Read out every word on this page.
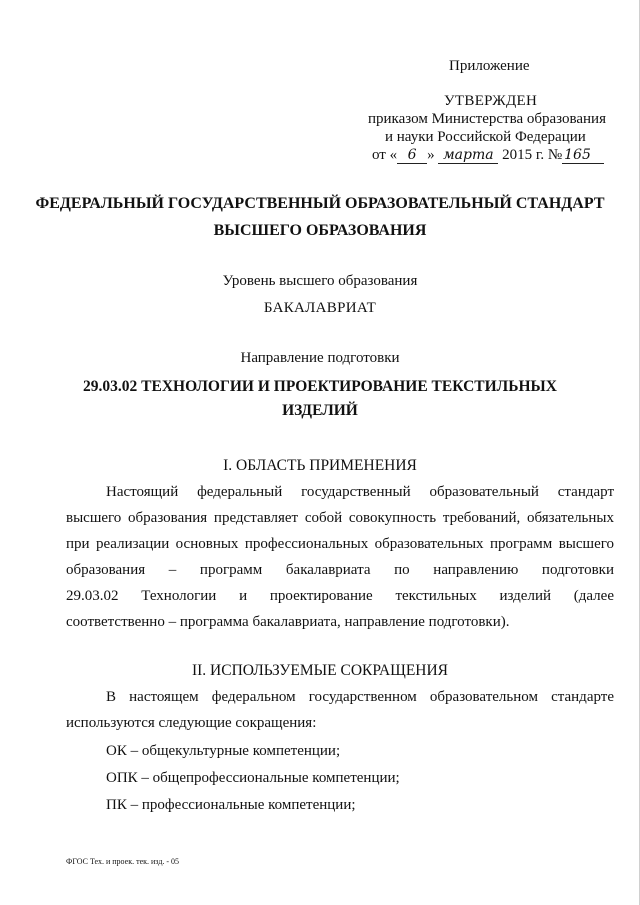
Приложение
УТВЕРЖДЕН
приказом Министерства образования
и науки Российской Федерации
от « 6 » марта 2015 г. № 165
ФЕДЕРАЛЬНЫЙ ГОСУДАРСТВЕННЫЙ ОБРАЗОВАТЕЛЬНЫЙ СТАНДАРТ
ВЫСШЕГО ОБРАЗОВАНИЯ
Уровень высшего образования
БАКАЛАВРИАТ
Направление подготовки
29.03.02 ТЕХНОЛОГИИ И ПРОЕКТИРОВАНИЕ ТЕКСТИЛЬНЫХ
ИЗДЕЛИЙ
I. ОБЛАСТЬ ПРИМЕНЕНИЯ
Настоящий федеральный государственный образовательный стандарт
высшего образования представляет собой совокупность требований, обязательных
при реализации основных профессиональных образовательных программ высшего
образования – программ бакалавриата по направлению подготовки
29.03.02 Технологии и проектирование текстильных изделий (далее
соответственно – программа бакалавриата, направление подготовки).
II. ИСПОЛЬЗУЕМЫЕ СОКРАЩЕНИЯ
В настоящем федеральном государственном образовательном стандарте
используются следующие сокращения:
ОК – общекультурные компетенции;
ОПК – общепрофессиональные компетенции;
ПК – профессиональные компетенции;
ФГОС Тех. и проек. тек. изд. - 05
